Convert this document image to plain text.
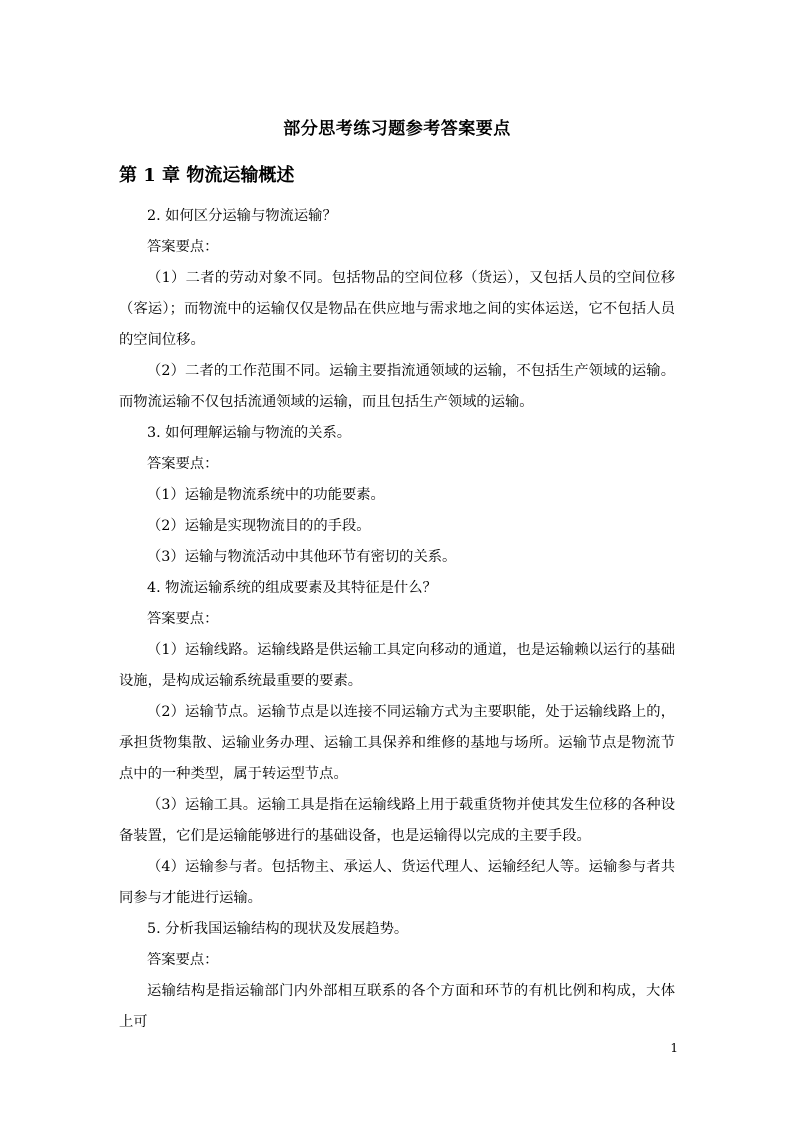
部分思考练习题参考答案要点
第 1 章 物流运输概述

2. 如何区分运输与物流运输？

答案要点：

（1）二者的劳动对象不同。包括物品的空间位移（货运），又包括人员的空间位移（客运）；而物流中的运输仅仅是物品在供应地与需求地之间的实体运送，它不包括人员的空间位移。

（2）二者的工作范围不同。运输主要指流通领域的运输，不包括生产领域的运输。而物流运输不仅包括流通领域的运输，而且包括生产领域的运输。

3. 如何理解运输与物流的关系。

答案要点：

（1）运输是物流系统中的功能要素。

（2）运输是实现物流目的的手段。

（3）运输与物流活动中其他环节有密切的关系。

4. 物流运输系统的组成要素及其特征是什么？

答案要点：

（1）运输线路。运输线路是供运输工具定向移动的通道，也是运输赖以运行的基础设施，是构成运输系统最重要的要素。

（2）运输节点。运输节点是以连接不同运输方式为主要职能，处于运输线路上的，承担货物集散、运输业务办理、运输工具保养和维修的基地与场所。运输节点是物流节点中的一种类型，属于转运型节点。

（3）运输工具。运输工具是指在运输线路上用于载重货物并使其发生位移的各种设备装置，它们是运输能够进行的基础设备，也是运输得以完成的主要手段。

（4）运输参与者。包括物主、承运人、货运代理人、运输经纪人等。运输参与者共同参与才能进行运输。

5. 分析我国运输结构的现状及发展趋势。

答案要点：

运输结构是指运输部门内外部相互联系的各个方面和环节的有机比例和构成，大体上可

1
